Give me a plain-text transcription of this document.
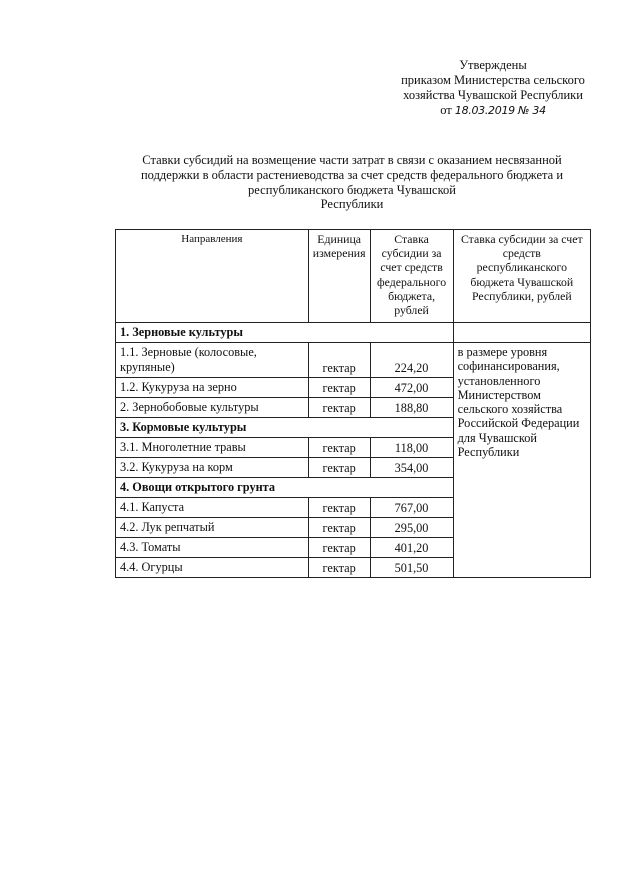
Утверждены
приказом Министерства сельского
хозяйства Чувашской Республики
от 18.03.2019 № 34
Ставки субсидий на возмещение части затрат в связи с оказанием несвязанной
поддержки в области растениеводства за счет средств федерального бюджета и
республиканского бюджета Чувашской
Республики
Направления	Единица измерения	Ставка субсидии за счет средств федерального бюджета, рублей	Ставка субсидии за счет средств республиканского бюджета Чувашской Республики, рублей
1. Зерновые культуры			
1.1. Зерновые (колосовые, крупяные)	гектар	224,20	в размере уровня софинансирования, установленного Министерством сельского хозяйства Российской Федерации для Чувашской Республики
1.2. Кукуруза на зерно	гектар	472,00	
2. Зернобобовые культуры	гектар	188,80	
3. Кормовые культуры			
3.1. Многолетние травы	гектар	118,00	
3.2. Кукуруза на корм	гектар	354,00	
4. Овощи открытого грунта			
4.1. Капуста	гектар	767,00	
4.2. Лук репчатый	гектар	295,00	
4.3. Томаты	гектар	401,20	
4.4. Огурцы	гектар	501,50	
